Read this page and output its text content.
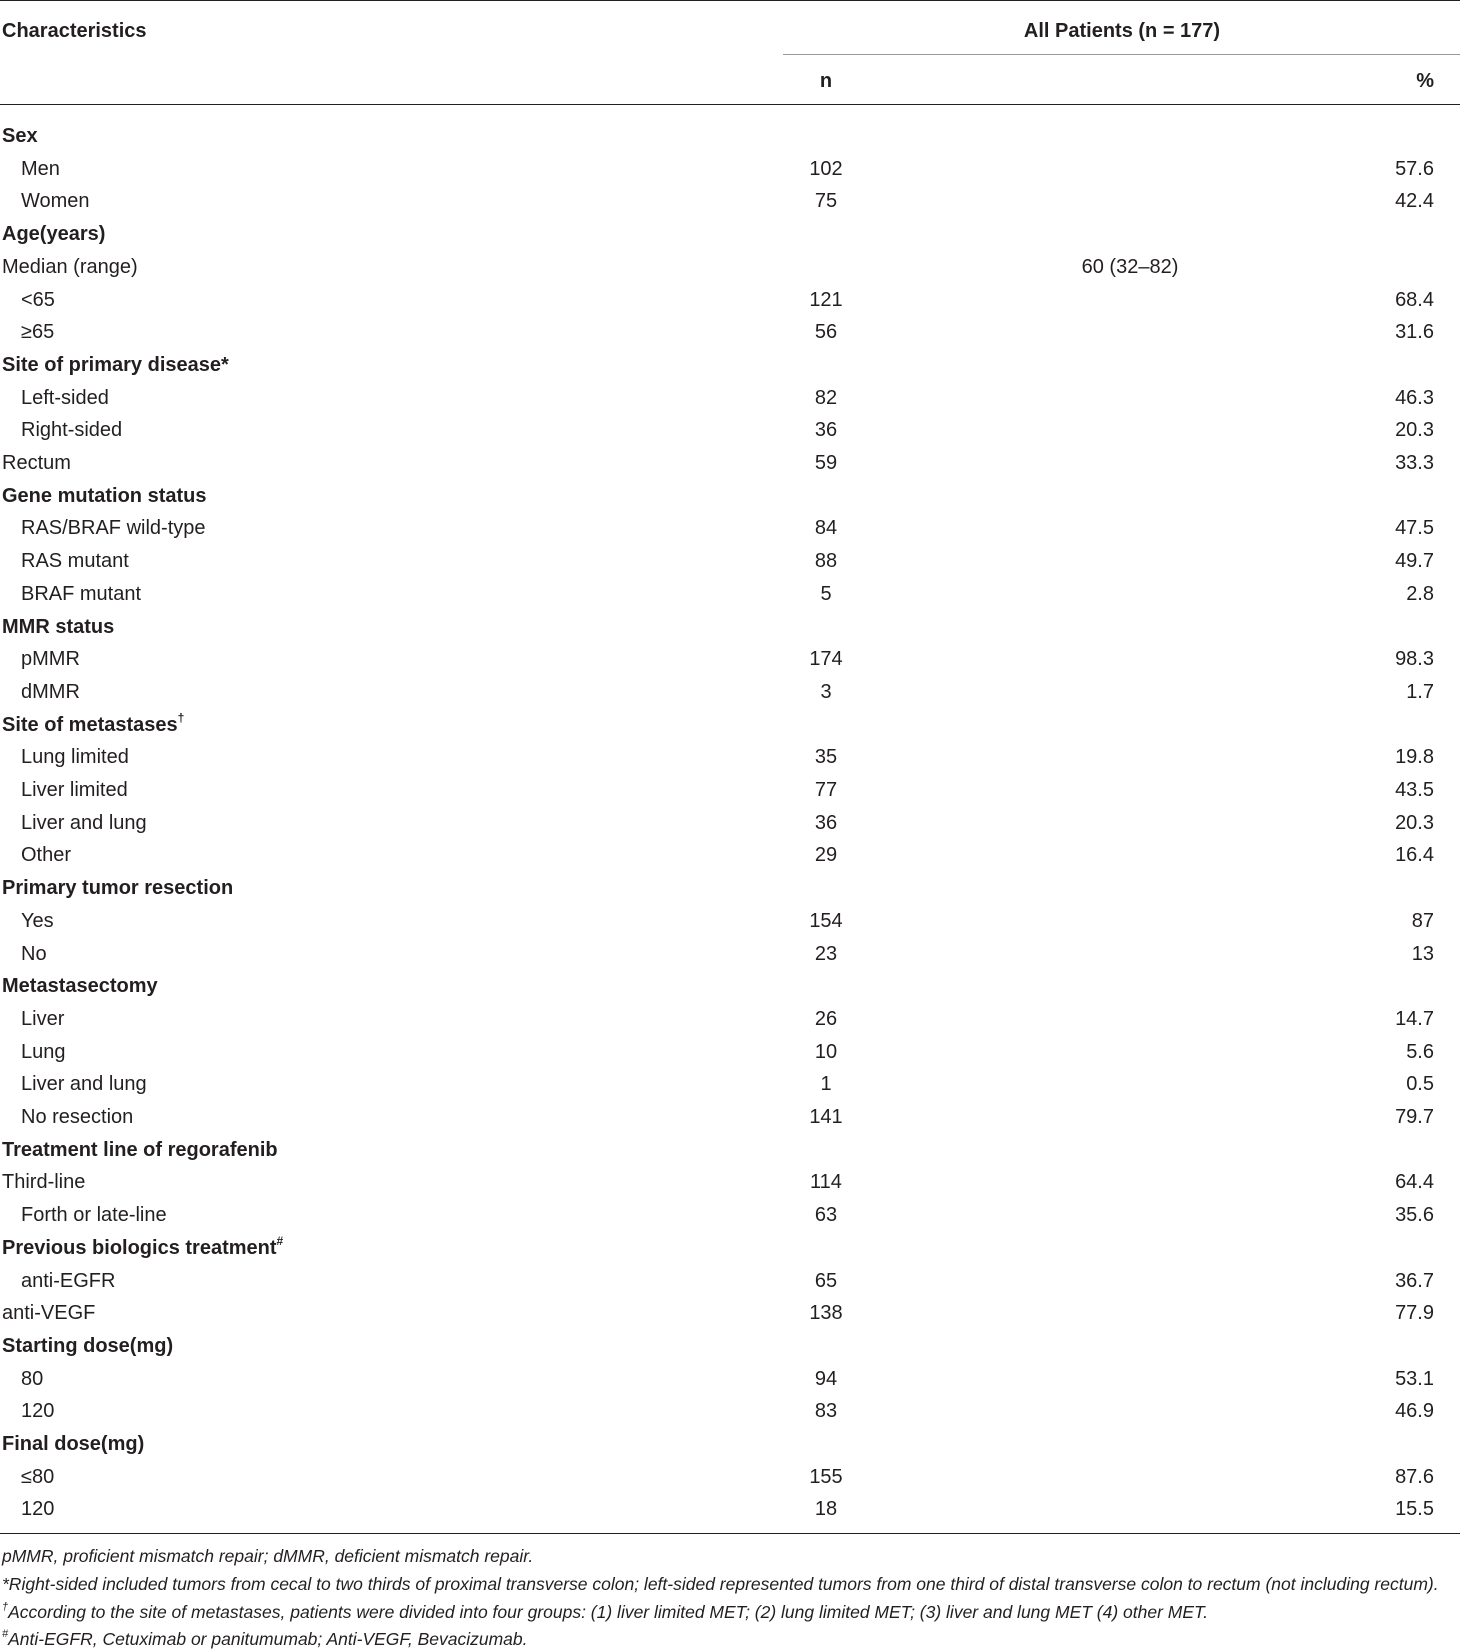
Characteristics	All Patients (n = 177)
n	%
Sex
Men	102	57.6
Women	75	42.4
Age(years)
Median (range)	60 (32–82)
<65	121	68.4
≥65	56	31.6
Site of primary disease*
Left-sided	82	46.3
Right-sided	36	20.3
Rectum	59	33.3
Gene mutation status
RAS/BRAF wild-type	84	47.5
RAS mutant	88	49.7
BRAF mutant	5	2.8
MMR status
pMMR	174	98.3
dMMR	3	1.7
Site of metastases†
Lung limited	35	19.8
Liver limited	77	43.5
Liver and lung	36	20.3
Other	29	16.4
Primary tumor resection
Yes	154	87
No	23	13
Metastasectomy
Liver	26	14.7
Lung	10	5.6
Liver and lung	1	0.5
No resection	141	79.7
Treatment line of regorafenib
Third-line	114	64.4
Forth or late-line	63	35.6
Previous biologics treatment#
anti-EGFR	65	36.7
anti-VEGF	138	77.9
Starting dose(mg)
80	94	53.1
120	83	46.9
Final dose(mg)
≤80	155	87.6
120	18	15.5
pMMR, proficient mismatch repair; dMMR, deficient mismatch repair.
*Right-sided included tumors from cecal to two thirds of proximal transverse colon; left-sided represented tumors from one third of distal transverse colon to rectum (not including rectum).
†According to the site of metastases, patients were divided into four groups: (1) liver limited MET; (2) lung limited MET; (3) liver and lung MET (4) other MET.
#Anti-EGFR, Cetuximab or panitumumab; Anti-VEGF, Bevacizumab.
